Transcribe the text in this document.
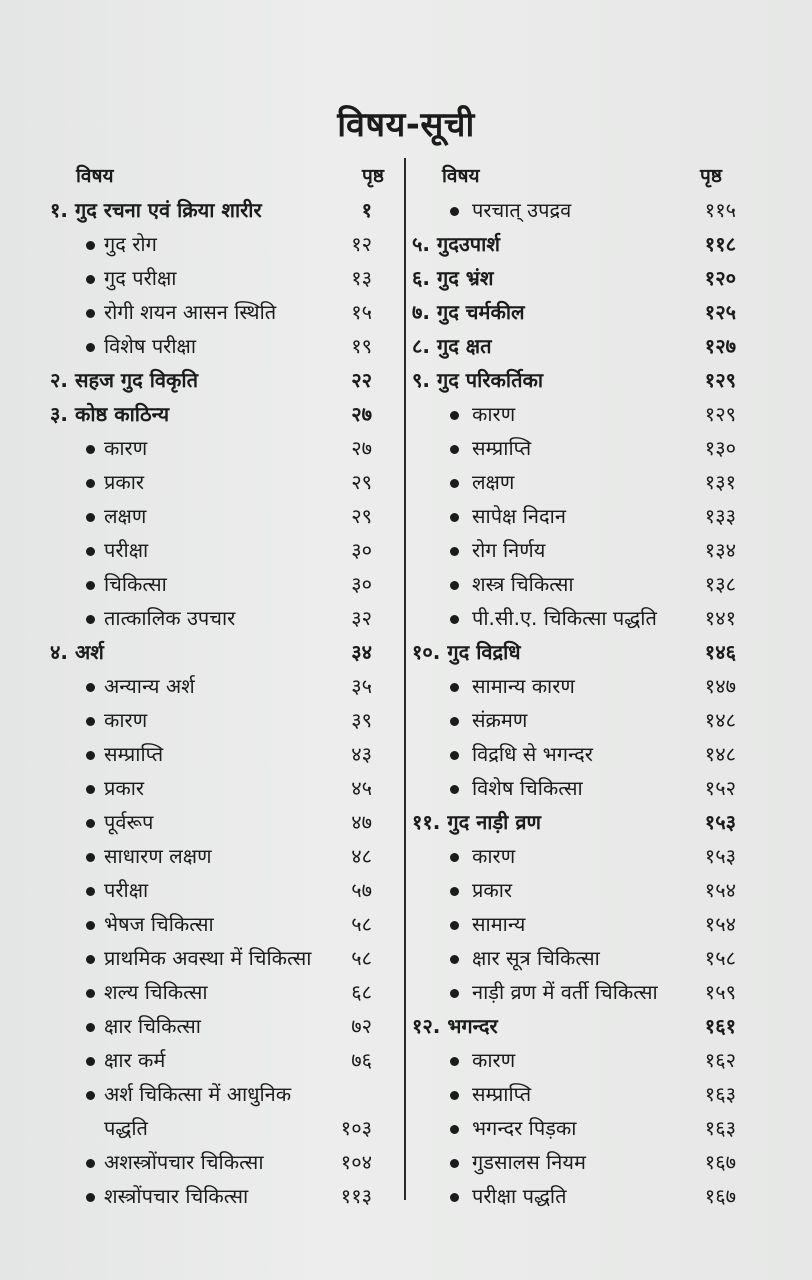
विषय-सूची
विषय	पृष्ठ
१. गुद रचना एवं क्रिया शारीर	१
गुद रोग	१२
गुद परीक्षा	१३
रोगी शयन आसन स्थिति	१५
विशेष परीक्षा	१९
२. सहज गुद विकृति	२२
३. कोष्ठ काठिन्य	२७
कारण	२७
प्रकार	२९
लक्षण	२९
परीक्षा	३०
चिकित्सा	३०
तात्कालिक उपचार	३२
४. अर्श	३४
अन्यान्य अर्श	३५
कारण	३९
सम्प्राप्ति	४३
प्रकार	४५
पूर्वरूप	४७
साधारण लक्षण	४८
परीक्षा	५७
भेषज चिकित्सा	५८
प्राथमिक अवस्था में चिकित्सा ५८
शल्य चिकित्सा	६८
क्षार चिकित्सा	७२
क्षार कर्म	७६
अर्श चिकित्सा में आधुनिक
पद्धति	१०३
अशस्त्रोंपचार चिकित्सा	१०४
शस्त्रोंपचार चिकित्सा	११३
विषय	पृष्ठ
परचात् उपद्रव	११५
५. गुदउपार्श	११८
६. गुद भ्रंश	१२०
७. गुद चर्मकील	१२५
८. गुद क्षत	१२७
९. गुद परिकर्तिका	१२९
कारण	१२९
सम्प्राप्ति	१३०
लक्षण	१३१
सापेक्ष निदान	१३३
रोग निर्णय	१३४
शस्त्र चिकित्सा	१३८
पी.सी.ए. चिकित्सा पद्धति १४१
१०. गुद विद्रधि	१४६
सामान्य कारण	१४७
संक्रमण	१४८
विद्रधि से भगन्दर	१४८
विशेष चिकित्सा	१५२
११. गुद नाड़ी व्रण	१५३
कारण	१५३
प्रकार	१५४
सामान्य	१५४
क्षार सूत्र चिकित्सा	१५८
नाड़ी व्रण में वर्ती चिकित्सा १५९
१२. भगन्दर	१६१
कारण	१६२
सम्प्राप्ति	१६३
भगन्दर पिड़का	१६३
गुडसालस नियम	१६७
परीक्षा पद्धति	१६७
